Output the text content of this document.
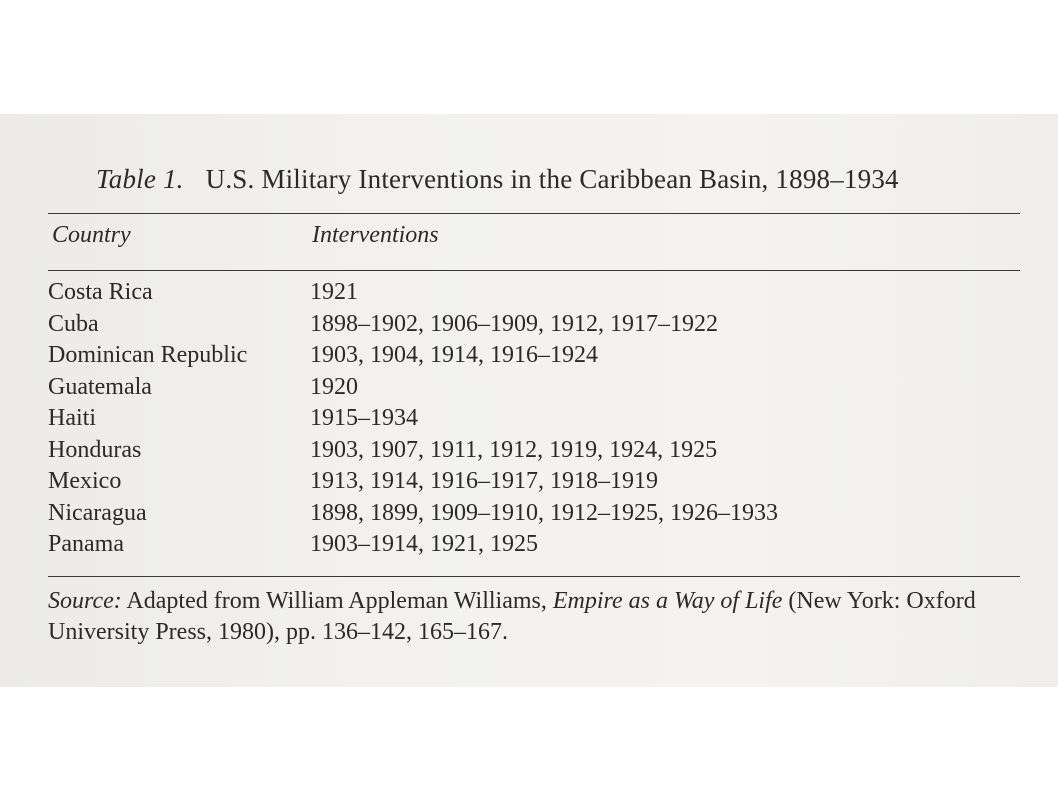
Table 1. U.S. Military Interventions in the Caribbean Basin, 1898–1934
Country	Interventions
Costa Rica	1921
Cuba	1898–1902, 1906–1909, 1912, 1917–1922
Dominican Republic	1903, 1904, 1914, 1916–1924
Guatemala	1920
Haiti	1915–1934
Honduras	1903, 1907, 1911, 1912, 1919, 1924, 1925
Mexico	1913, 1914, 1916–1917, 1918–1919
Nicaragua	1898, 1899, 1909–1910, 1912–1925, 1926–1933
Panama	1903–1914, 1921, 1925
Source: Adapted from William Appleman Williams, Empire as a Way of Life (New York: Oxford University Press, 1980), pp. 136–142, 165–167.
